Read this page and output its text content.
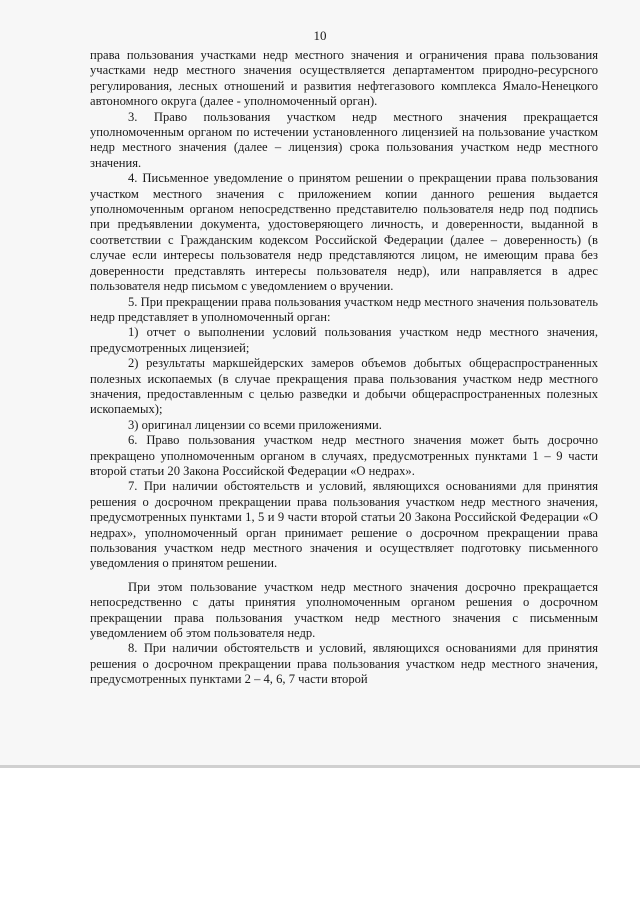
10

права пользования участками недр местного значения и ограничения права пользования участками недр местного значения осуществляется департаментом природно-ресурсного регулирования, лесных отношений и развития нефтегазового комплекса Ямало-Ненецкого автономного округа (далее - уполномоченный орган).

3. Право пользования участком недр местного значения прекращается уполномоченным органом по истечении установленного лицензией на пользование участком недр местного значения (далее – лицензия) срока пользования участком недр местного значения.

4. Письменное уведомление о принятом решении о прекращении права пользования участком местного значения с приложением копии данного решения выдается уполномоченным органом непосредственно представителю пользователя недр под подпись при предъявлении документа, удостоверяющего личность, и доверенности, выданной в соответствии с Гражданским кодексом Российской Федерации (далее – доверенность) (в случае если интересы пользователя недр представляются лицом, не имеющим права без доверенности представлять интересы пользователя недр), или направляется в адрес пользователя недр письмом с уведомлением о вручении.

5. При прекращении права пользования участком недр местного значения пользователь недр представляет в уполномоченный орган:

1) отчет о выполнении условий пользования участком недр местного значения, предусмотренных лицензией;

2) результаты маркшейдерских замеров объемов добытых общераспространенных полезных ископаемых (в случае прекращения права пользования участком недр местного значения, предоставленным с целью разведки и добычи общераспространенных полезных ископаемых);

3) оригинал лицензии со всеми приложениями.

6. Право пользования участком недр местного значения может быть досрочно прекращено уполномоченным органом в случаях, предусмотренных пунктами 1 – 9 части второй статьи 20 Закона Российской Федерации «О недрах».

7. При наличии обстоятельств и условий, являющихся основаниями для принятия решения о досрочном прекращении права пользования участком недр местного значения, предусмотренных пунктами 1, 5 и 9 части второй статьи 20 Закона Российской Федерации «О недрах», уполномоченный орган принимает решение о досрочном прекращении права пользования участком недр местного значения и осуществляет подготовку письменного уведомления о принятом решении.

При этом пользование участком недр местного значения досрочно прекращается непосредственно с даты принятия уполномоченным органом решения о досрочном прекращении права пользования участком недр местного значения с письменным уведомлением об этом пользователя недр.

8. При наличии обстоятельств и условий, являющихся основаниями для принятия решения о досрочном прекращении права пользования участком недр местного значения, предусмотренных пунктами 2 – 4, 6, 7 части второй
